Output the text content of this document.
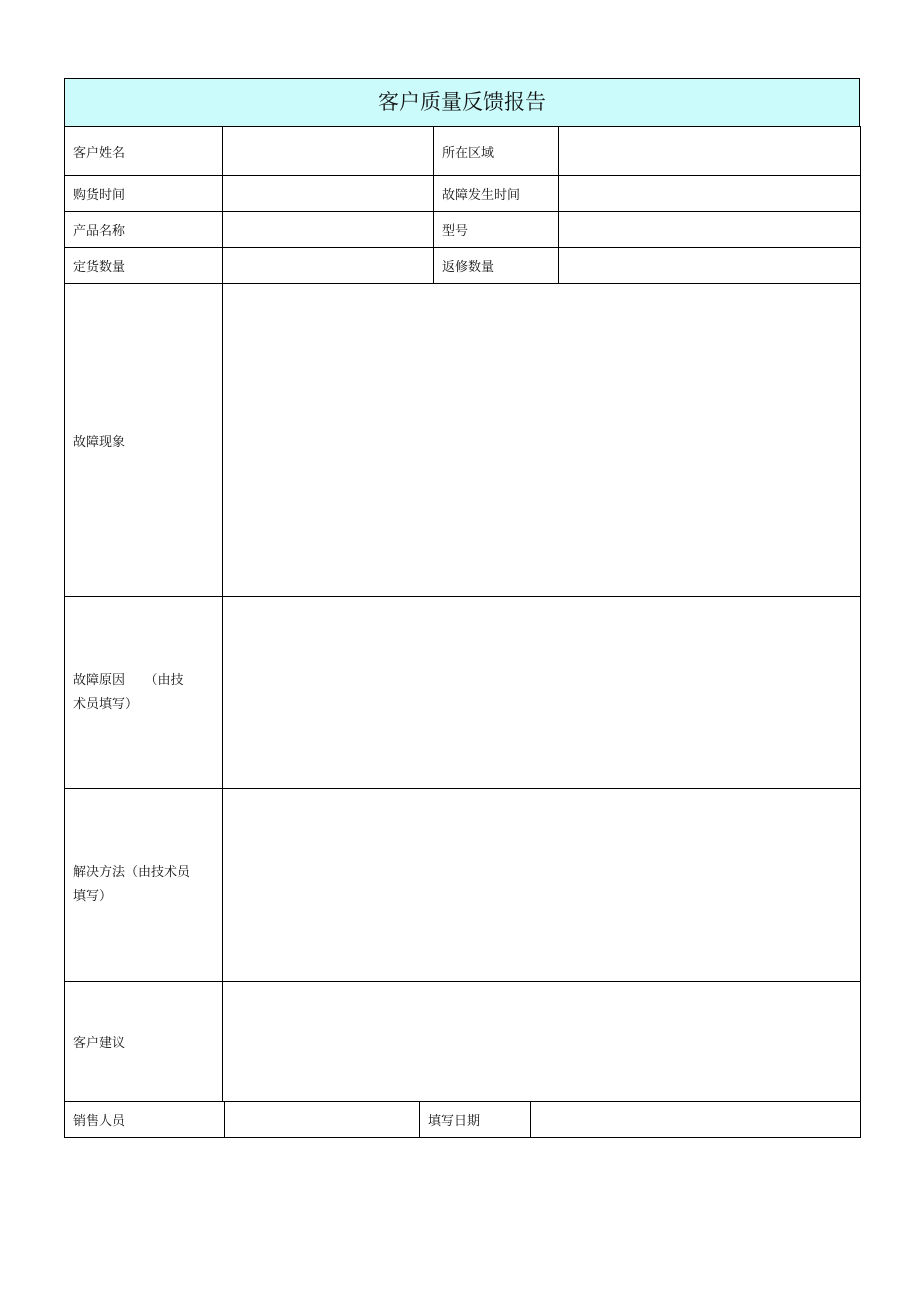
客户质量反馈报告
客户姓名		所在区域	
购货时间		故障发生时间	
产品名称		型号	
定货数量		返修数量	
故障现象			

故障原因　　（由技
术员填写）			

解决方法（由技术员
填写）			

客户建议			
销售人员		填写日期	
